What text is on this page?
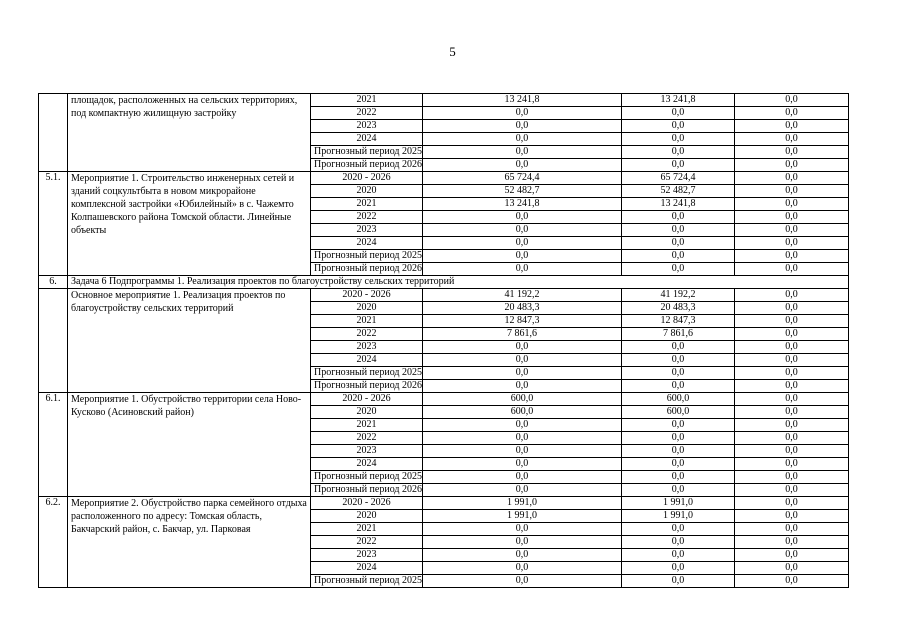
5
	площадок, расположенных на сельских территориях, под компактную жилищную застройку	2021	13 241,8	13 241,8	0,0
		2022	0,0	0,0	0,0
		2023	0,0	0,0	0,0
		2024	0,0	0,0	0,0
		Прогнозный период 2025	0,0	0,0	0,0
		Прогнозный период 2026	0,0	0,0	0,0
5.1.	Мероприятие 1. Строительство инженерных сетей и зданий соцкультбыта в новом микрорайоне комплексной застройки «Юбилейный» в с. Чажемто Колпашевского района Томской области. Линейные объекты	2020 - 2026	65 724,4	65 724,4	0,0
		2020	52 482,7	52 482,7	0,0
		2021	13 241,8	13 241,8	0,0
		2022	0,0	0,0	0,0
		2023	0,0	0,0	0,0
		2024	0,0	0,0	0,0
		Прогнозный период 2025	0,0	0,0	0,0
		Прогнозный период 2026	0,0	0,0	0,0
6.	Задача 6 Подпрограммы 1. Реализация проектов по благоустройству сельских территорий				
	Основное мероприятие 1. Реализация проектов по благоустройству сельских территорий	2020 - 2026	41 192,2	41 192,2	0,0
		2020	20 483,3	20 483,3	0,0
		2021	12 847,3	12 847,3	0,0
		2022	7 861,6	7 861,6	0,0
		2023	0,0	0,0	0,0
		2024	0,0	0,0	0,0
		Прогнозный период 2025	0,0	0,0	0,0
		Прогнозный период 2026	0,0	0,0	0,0
6.1.	Мероприятие 1. Обустройство территории села Ново-Кусково (Асиновский район)	2020 - 2026	600,0	600,0	0,0
		2020	600,0	600,0	0,0
		2021	0,0	0,0	0,0
		2022	0,0	0,0	0,0
		2023	0,0	0,0	0,0
		2024	0,0	0,0	0,0
		Прогнозный период 2025	0,0	0,0	0,0
		Прогнозный период 2026	0,0	0,0	0,0
6.2.	Мероприятие 2. Обустройство парка семейного отдыха расположенного по адресу: Томская область, Бакчарский район, с. Бакчар, ул. Парковая	2020 - 2026	1 991,0	1 991,0	0,0
		2020	1 991,0	1 991,0	0,0
		2021	0,0	0,0	0,0
		2022	0,0	0,0	0,0
		2023	0,0	0,0	0,0
		2024	0,0	0,0	0,0
		Прогнозный период 2025	0,0	0,0	0,0
